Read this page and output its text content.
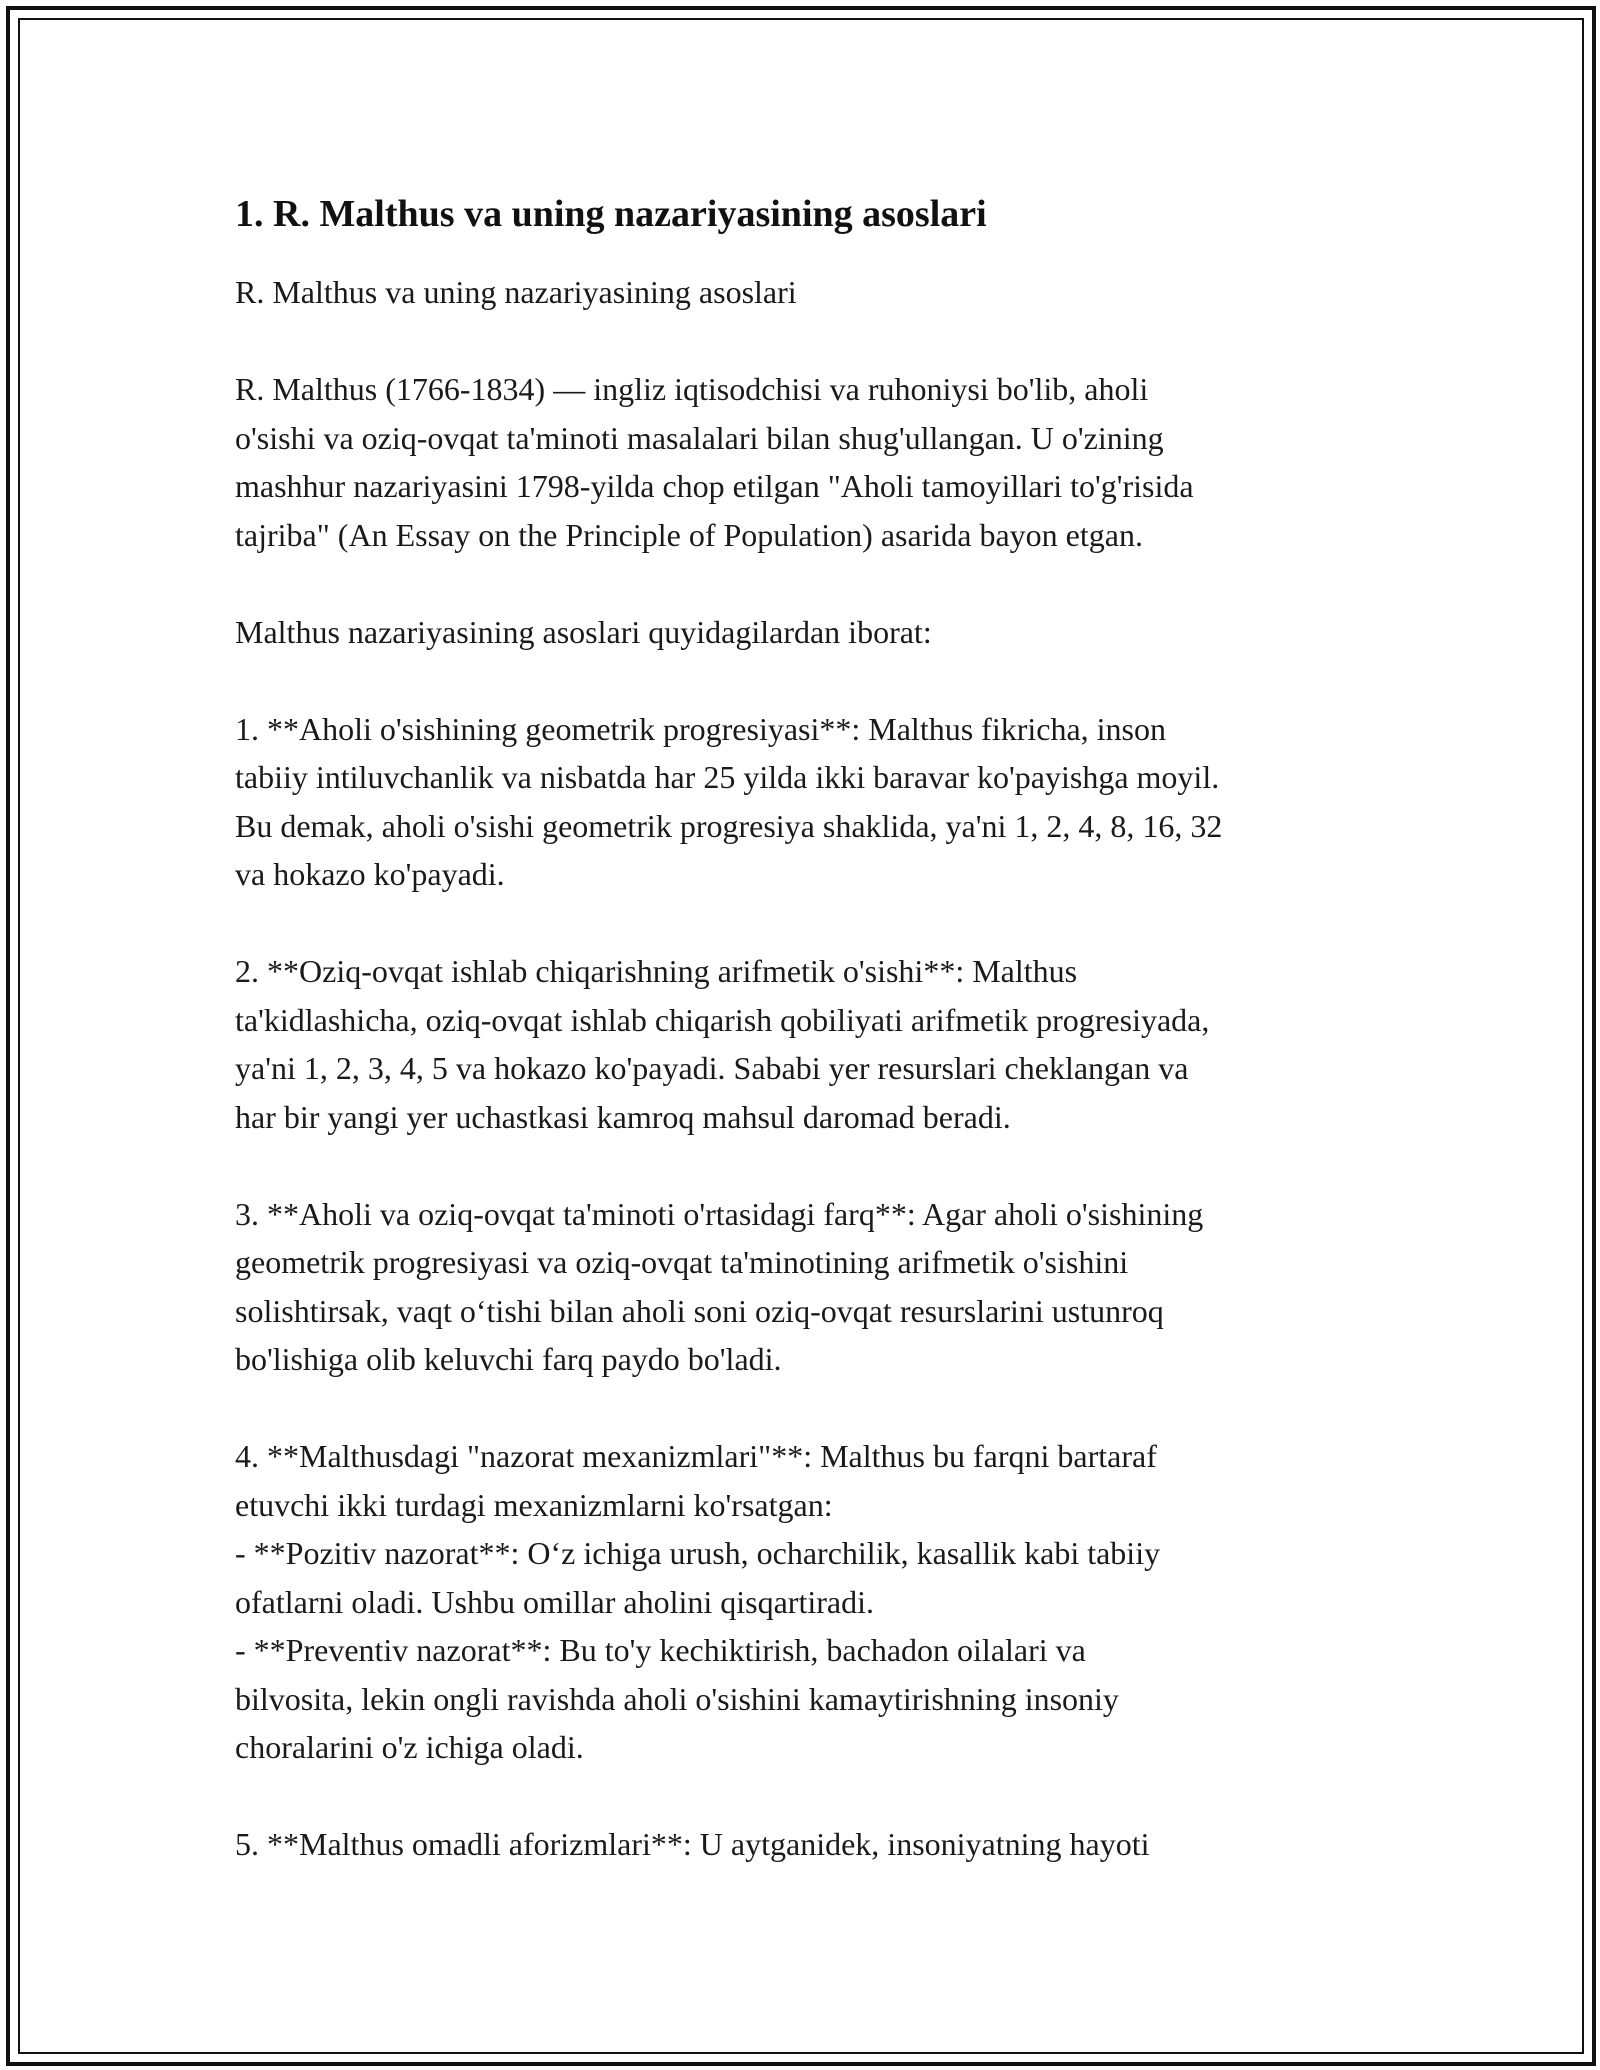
1. R. Malthus va uning nazariyasining asoslari

R. Malthus va uning nazariyasining asoslari

R. Malthus (1766-1834) — ingliz iqtisodchisi va ruhoniysi bo'lib, aholi
o'sishi va oziq-ovqat ta'minoti masalalari bilan shug'ullangan. U o'zining
mashhur nazariyasini 1798-yilda chop etilgan "Aholi tamoyillari to'g'risida
tajriba" (An Essay on the Principle of Population) asarida bayon etgan.

Malthus nazariyasining asoslari quyidagilardan iborat:

1. **Aholi o'sishining geometrik progresiyasi**: Malthus fikricha, inson
tabiiy intiluvchanlik va nisbatda har 25 yilda ikki baravar ko'payishga moyil.
Bu demak, aholi o'sishi geometrik progresiya shaklida, ya'ni 1, 2, 4, 8, 16, 32
va hokazo ko'payadi.

2. **Oziq-ovqat ishlab chiqarishning arifmetik o'sishi**: Malthus
ta'kidlashicha, oziq-ovqat ishlab chiqarish qobiliyati arifmetik progresiyada,
ya'ni 1, 2, 3, 4, 5 va hokazo ko'payadi. Sababi yer resurslari cheklangan va
har bir yangi yer uchastkasi kamroq mahsul daromad beradi.

3. **Aholi va oziq-ovqat ta'minoti o'rtasidagi farq**: Agar aholi o'sishining
geometrik progresiyasi va oziq-ovqat ta'minotining arifmetik o'sishini
solishtirsak, vaqt o‘tishi bilan aholi soni oziq-ovqat resurslarini ustunroq
bo'lishiga olib keluvchi farq paydo bo'ladi.

4. **Malthusdagi "nazorat mexanizmlari"**: Malthus bu farqni bartaraf
etuvchi ikki turdagi mexanizmlarni ko'rsatgan:
- **Pozitiv nazorat**: O‘z ichiga urush, ocharchilik, kasallik kabi tabiiy
ofatlarni oladi. Ushbu omillar aholini qisqartiradi.
- **Preventiv nazorat**: Bu to'y kechiktirish, bachadon oilalari va
bilvosita, lekin ongli ravishda aholi o'sishini kamaytirishning insoniy
choralarini o'z ichiga oladi.

5. **Malthus omadli aforizmlari**: U aytganidek, insoniyatning hayoti
